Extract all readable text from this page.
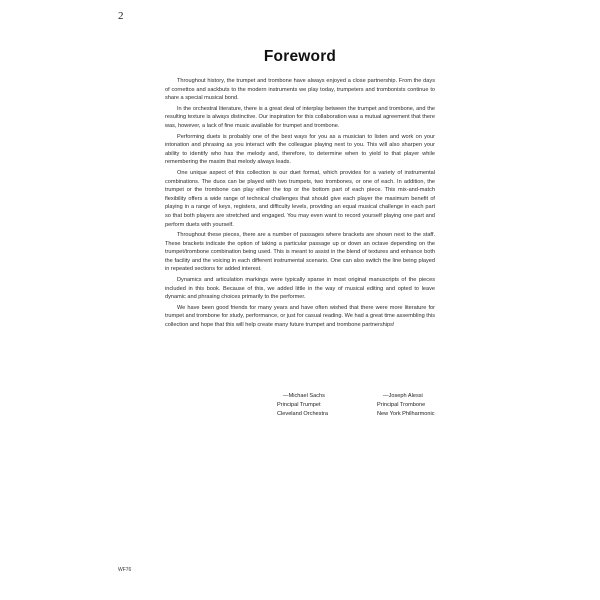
2
Foreword

Throughout history, the trumpet and trombone have always enjoyed a close partnership. From the days of cornettos and sackbuts to the modern instruments we play today, trumpeters and trombonists continue to share a special musical bond.

In the orchestral literature, there is a great deal of interplay between the trumpet and trombone, and the resulting texture is always distinctive. Our inspiration for this collaboration was a mutual agreement that there was, however, a lack of fine music available for trumpet and trombone.

Performing duets is probably one of the best ways for you as a musician to listen and work on your intonation and phrasing as you interact with the colleague playing next to you. This will also sharpen your ability to identify who has the melody and, therefore, to determine when to yield to that player while remembering the maxim that melody always leads.

One unique aspect of this collection is our duet format, which provides for a variety of instrumental combinations. The duos can be played with two trumpets, two trombones, or one of each. In addition, the trumpet or the trombone can play either the top or the bottom part of each piece. This mix-and-match flexibility offers a wide range of technical challenges that should give each player the maximum benefit of playing in a range of keys, registers, and difficulty levels, providing an equal musical challenge in each part so that both players are stretched and engaged. You may even want to record yourself playing one part and perform duets with yourself.

Throughout these pieces, there are a number of passages where brackets are shown next to the staff. These brackets indicate the option of taking a particular passage up or down an octave depending on the trumpet/trombone combination being used. This is meant to assist in the blend of textures and enhance both the facility and the voicing in each different instrumental scenario. One can also switch the line being played in repeated sections for added interest.

Dynamics and articulation markings were typically sparse in most original manuscripts of the pieces included in this book. Because of this, we added little in the way of musical editing and opted to leave dynamic and phrasing choices primarily to the performer.

We have been good friends for many years and have often wished that there were more literature for trumpet and trombone for study, performance, or just for casual reading. We had a great time assembling this collection and hope that this will help create many future trumpet and trombone partnerships!

—Michael Sachs
Principal Trumpet
Cleveland Orchestra
—Joseph Alessi
Principal Trombone
New York Philharmonic
WF76
